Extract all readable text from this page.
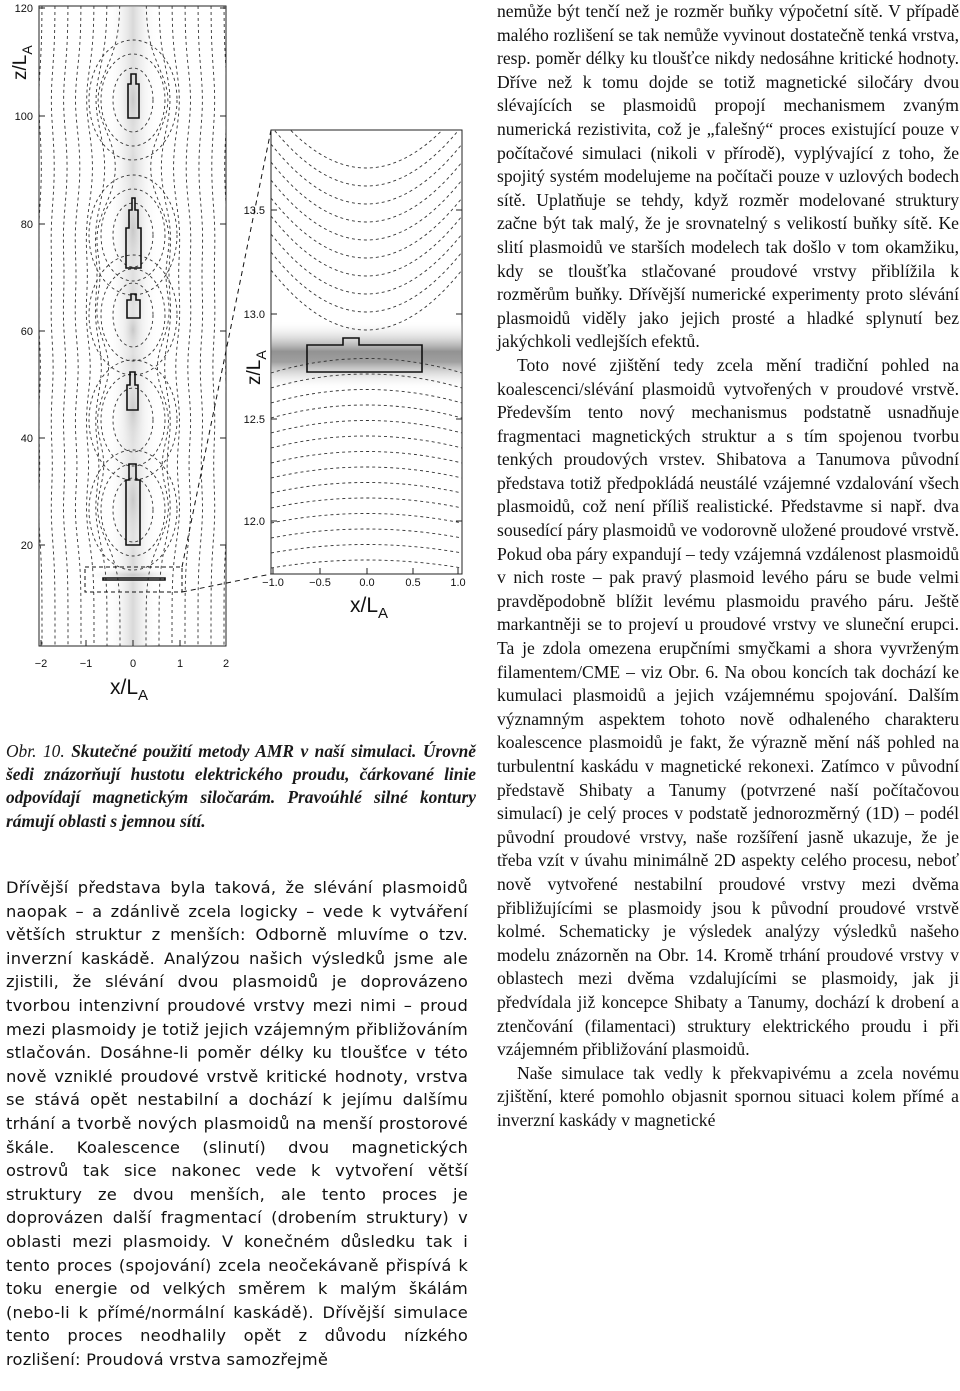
120
100
80
60
40
20
−2	−1	0	1	2
$z/L_A$
$x/L_A$
13.5
13.0
12.5
12.0
−1.0 −0.5	0.0	0.5	1.0
$z/L_A$
$x/L_A$

Obr. 10. Skutečné použití metody AMR v naší simulaci. Úrovně šedi znázorňují hustotu elektrického proudu, čárkované linie odpovídají magnetickým siločarám. Pravoúhlé silné kontury rámují oblasti s jemnou sítí.

Dřívější představa byla taková, že slévání plasmoidů naopak – a zdánlivě zcela logicky – vede k vytváření větších struktur z menších: Odborně mluvíme o tzv. inverzní kaskádě. Analýzou našich výsledků jsme ale zjistili, že slévání dvou plasmoidů je doprovázeno tvorbou intenzivní proudové vrstvy mezi nimi – proud mezi plasmoidy je totiž jejich vzájemným přibližováním stlačován. Dosáhne-li poměr délky ku tloušťce v této nově vzniklé proudové vrstvě kritické hodnoty, vrstva se stává opět nestabilní a dochází k jejímu dalšímu trhání a tvorbě nových plasmoidů na menší prostorové škále. Koalescence (slinutí) dvou magnetických ostrovů tak sice nakonec vede k vytvoření větší struktury ze dvou menších, ale tento proces je doprovázen další fragmentací (drobením struktury) v oblasti mezi plasmoidy. V konečném důsledku tak i tento proces (spojování) zcela neočekávaně přispívá k toku energie od velkých směrem k malým škálám (nebo-li k přímé/normální kaskádě). Dřívější simulace tento proces neodhalily opět z důvodu nízkého rozlišení: Proudová vrstva samozřejmě

nemůže být tenčí než je rozměr buňky výpočetní sítě. V případě malého rozlišení se tak nemůže vyvinout dostatečně tenká vrstva, resp. poměr délky ku tloušťce nikdy nedosáhne kritické hodnoty. Dříve než k tomu dojde se totiž magnetické siločáry dvou slévajících se plasmoidů propojí mechanismem zvaným numerická rezistivita, což je „falešný“ proces existující pouze v počítačové simulaci (nikoli v přírodě), vyplývající z toho, že spojitý systém modelujeme na počítači pouze v uzlových bodech sítě. Uplatňuje se tehdy, když rozměr modelované struktury začne být tak malý, že je srovnatelný s velikostí buňky sítě. Ke slití plasmoidů ve starších modelech tak došlo v tom okamžiku, kdy se tloušťka stlačované proudové vrstvy přiblížila k rozměrům buňky. Dřívější numerické experimenty proto slévání plasmoidů viděly jako jejich prosté a hladké splynutí bez jakýchkoli vedlejších efektů.

Toto nové zjištění tedy zcela mění tradiční pohled na koalescenci/slévání plasmoidů vytvořených v proudové vrstvě. Především tento nový mechanismus podstatně usnadňuje fragmentaci magnetických struktur a s tím spojenou tvorbu tenkých proudových vrstev. Shibatova a Tanumova původní představa totiž předpokládá neustálé vzájemné vzdalování všech plasmoidů, což není příliš realistické. Představme si např. dva sousedící páry plasmoidů ve vodorovně uložené proudové vrstvě. Pokud oba páry expandují – tedy vzájemná vzdálenost plasmoidů v nich roste – pak pravý plasmoid levého páru se bude velmi pravděpodobně blížit levému plasmoidu pravého páru. Ještě markantněji se to projeví u proudové vrstvy ve sluneční erupci. Ta je zdola omezena erupčními smyčkami a shora vyvrženým filamentem/CME – viz Obr. 6. Na obou koncích tak dochází ke kumulaci plasmoidů a jejich vzájemnému spojování. Dalším významným aspektem tohoto nově odhaleného charakteru koalescence plasmoidů je fakt, že výrazně mění náš pohled na turbulentní kaskádu v magnetické rekonexi. Zatímco v původní představě Shibaty a Tanumy (potvrzené naší počítačovou simulací) je celý proces v podstatě jednorozměrný (1D) – podél původní proudové vrstvy, naše rozšíření jasně ukazuje, že je třeba vzít v úvahu minimálně 2D aspekty celého procesu, neboť nově vytvořené nestabilní proudové vrstvy mezi dvěma přibližujícími se plasmoidy jsou k původní proudové vrstvě kolmé. Schematicky je výsledek analýzy výsledků našeho modelu znázorněn na Obr. 14. Kromě trhání proudové vrstvy v oblastech mezi dvěma vzdalujícími se plasmoidy, jak ji předvídala již koncepce Shibaty a Tanumy, dochází k drobení a ztenčování (filamentaci) struktury elektrického proudu i při vzájemném přibližování plasmoidů.

Naše simulace tak vedly k překvapivému a zcela novému zjištění, které pomohlo objasnit spornou situaci kolem přímé a inverzní kaskády v magnetické
